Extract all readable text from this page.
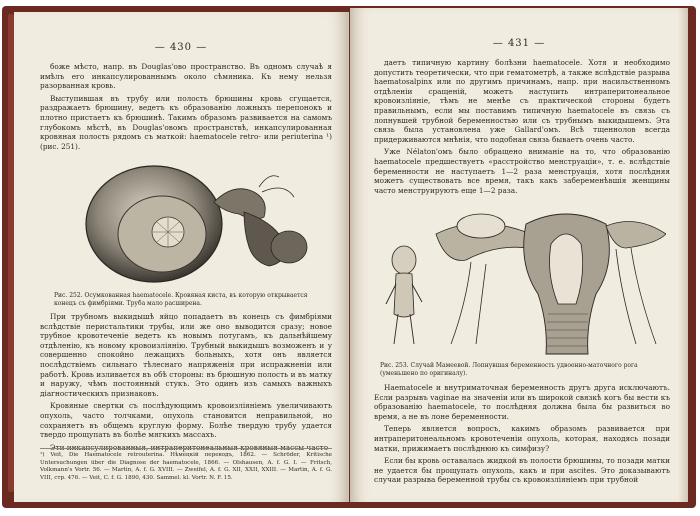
— 430 —

боже мѣсто, напр. въ Douglas'ово пространство. Въ одномъ случаѣ я имѣлъ его инкапсулированнымъ около сѣмяника. Къ нему нельзя разорванная кровь.

Выступившая въ трубу или полость брюшины кровь сгущается, раздражаетъ брюшину, ведетъ къ образованію ложныхъ перепонокъ и плотно пристаетъ къ брюшинѣ. Такимъ образомъ развивается на самомъ глубокомъ мѣстѣ, въ Douglas'овомъ пространствѣ, инкапсулированная кровяная полость рядомъ съ маткой: haematocele retro- или periuterina ¹) (рис. 251).

Рис. 252. Осумкованная haematocele. Кровяная киста, въ которую открывается конецъ съ фимбріями. Труба мало расширена.

При трубномъ выкидышѣ яйцо попадаетъ въ конецъ съ фимбріями вслѣдствіе перистальтики трубы, или же оно выводится сразу; новое трубное кровотеченіе ведетъ къ новымъ потугамъ, къ дальнѣйшему отдѣленію, къ новому кровоизліянію. Трубный выкидышъ возможенъ и у совершенно спокойно лежащихъ больныхъ, хотя онъ является послѣдствіемъ сильнаго тѣлеснаго напряженія при испражненіи или работѣ. Кровь изливается въ обѣ стороны: въ брюшную полость и въ матку и наружу, чѣмъ постоянный стукъ. Это одинъ изъ самыхъ важныхъ діагностическихъ признаковъ.

Кровяные свертки съ послѣдующимъ кровоизліяніемъ увеличиваютъ опухоль, часто толчками, опухоль становится неправильной, но сохраняетъ въ общемъ круглую форму. Болѣе твердую трубу удается твердо прощупать въ болѣе мягкихъ массахъ.

Эти инкапсулированныя, интраперитонеальныя кровяныя массы часто

¹) Veit, Die Haematocele retrouterina. Нѣмецкій переводъ, 1862. — Schröder, Kritische Untersuchungen über die Diagnose der haematocele, 1866. — Olshausen, A. f. G. I. — Fritsch, Volkmann's Vortr. 56. — Martin, A. f. G. XVIII. — Zweifel, A. f. G. XII, XXII, XXIII. — Martin, A. f. G. VIII, стр. 476. — Veit, C. f. G. 1890, 430. Sammel. kl. Vortr. N. F. 15.
— 431 —

даетъ типичную картину болѣзни haematocele. Хотя и необходимо допустить теоретически, что при гематометрѣ, а также вслѣдствіе разрыва haematosalpinx или по другимъ причинамъ, напр. при насильственномъ отдѣленіи сращеній, можетъ наступить интраперитонеальное кровоизліяніе, тѣмъ не менѣе съ практической стороны будетъ правильнымъ, если мы поставимъ типичную haematocele въ связь съ лопнувшей трубной беременностью или съ трубнымъ выкидышемъ. Эта связь была установлена уже Gallard'омъ. Всѣ тщеннолов всегда придерживаются мнѣнія, что подобная связь бываетъ очень часто.

Уже Nélaton'омъ было обращено вниманіе на то, что образованію haematocele предшествуетъ «расстройство менструаціи», т. е. вслѣдствіе беременности не наступаетъ 1—2 раза менструація, хотя послѣдняя можетъ существовать все время, такъ какъ забеременѣвшія женщины часто менструируютъ еще 1—2 раза.

Рис. 253. Случай Мамеевой. Лопнувшая беременность удвоенно-маточного рога (уменьшено по оригиналу).

Haematocele и внутриматочная беременность другъ друга исключаютъ. Если разрывъ vaginae на значеніи или въ широкой связкѣ когъ бы вести къ образованію haematocele, то послѣдняя должна была бы развиться во время, а не въ лоне беременности.

Теперь является вопросъ, какимъ образомъ развивается при интраперитонеальномъ кровотеченіи опухоль, которая, находясь позади матки, прижимаетъ послѣднюю къ симфизу?

Если бы кровь оставалась жидкой въ полости брюшины, то позади матки не удается бы прощупать опухоль, какъ и при ascites. Это доказываютъ случаи разрыва беременной трубы съ кровоизліяніемъ при трубной
